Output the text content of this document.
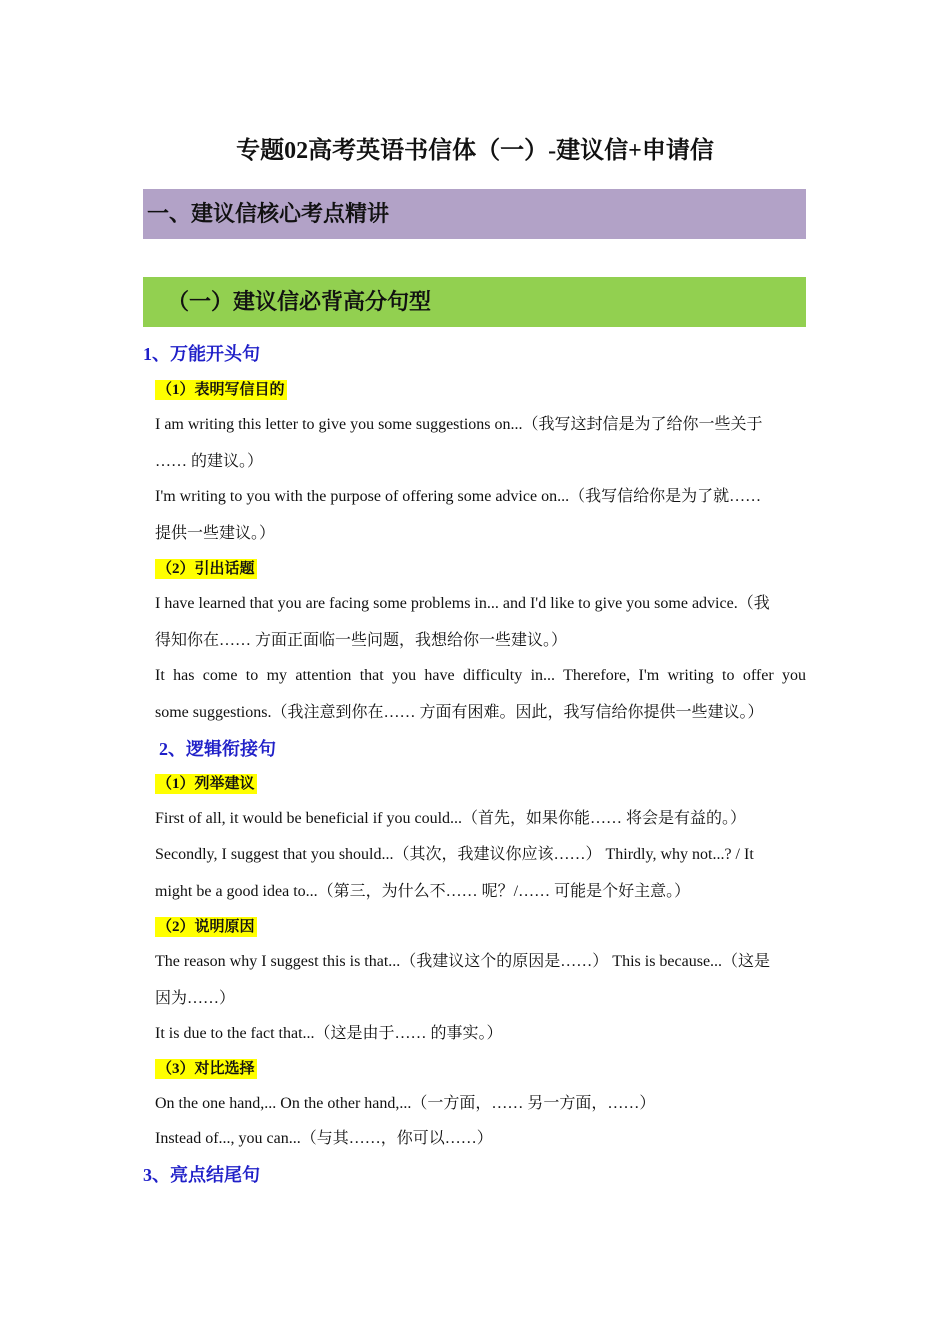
专题02高考英语书信体（一）-建议信+申请信
一、建议信核心考点精讲
（一）建议信必背高分句型
1、万能开头句
（1）表明写信目的
I am writing this letter to give you some suggestions on...（我写这封信是为了给你一些关于
…… 的建议。）
I'm writing to you with the purpose of offering some advice on...（我写信给你是为了就……
提供一些建议。）
（2）引出话题
I have learned that you are facing some problems in... and I'd like to give you some advice.（我
得知你在…… 方面正面临一些问题，我想给你一些建议。）
It has come to my attention that you have difficulty in... Therefore, I'm writing to offer you
some suggestions.（我注意到你在…… 方面有困难。因此，我写信给你提供一些建议。）
2、逻辑衔接句
（1）列举建议
First of all, it would be beneficial if you could...（首先，如果你能…… 将会是有益的。）
Secondly, I suggest that you should...（其次，我建议你应该……） Thirdly, why not...? / It
might be a good idea to...（第三，为什么不…… 呢？/…… 可能是个好主意。）
（2）说明原因
The reason why I suggest this is that...（我建议这个的原因是……） This is because...（这是
因为……）
It is due to the fact that...（这是由于…… 的事实。）
（3）对比选择
On the one hand,... On the other hand,...（一方面，…… 另一方面，……）
Instead of..., you can...（与其……，你可以……）
3、亮点结尾句
